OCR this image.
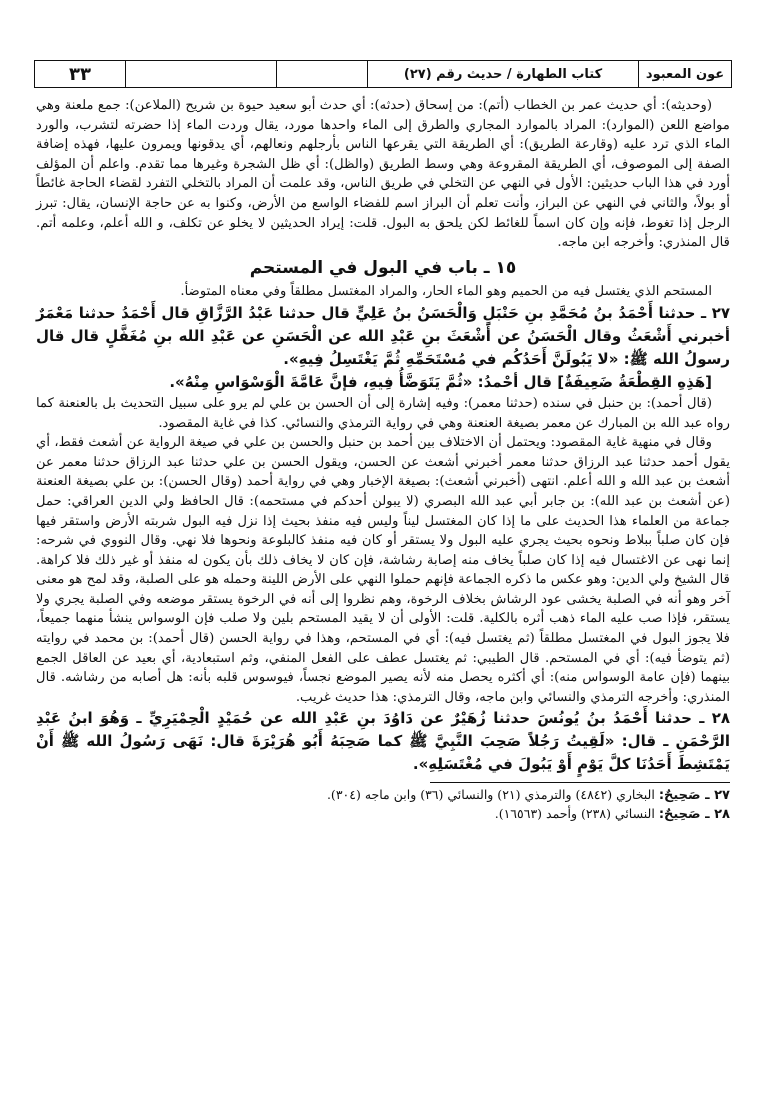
عون المعبود
كتاب الطهارة / حديث رقم (٢٧)
٣٣

(وحديثه): أي حديث عمر بن الخطاب (أتم): من إسحاق (حدثه): أي حدث أبو سعيد حيوة بن شريح (الملاعن): جمع ملعنة وهي مواضع اللعن (الموارد): المراد بالموارد المجاري والطرق إلى الماء واحدها مورد، يقال وردت الماء إذا حضرته لتشرب، والورد الماء الذي ترد عليه (وقارعة الطريق): أي الطريقة التي يقرعها الناس بأرجلهم ونعالهم، أي يدقونها ويمرون عليها، فهذه إضافة الصفة إلى الموصوف، أي الطريقة المقروعة وهي وسط الطريق (والظل): أي ظل الشجرة وغيرها مما تقدم. واعلم أن المؤلف أورد في هذا الباب حديثين: الأول في النهي عن التخلي في طريق الناس، وقد علمت أن المراد بالتخلي التفرد لقضاء الحاجة غائطاً أو بولاً، والثاني في النهي عن البراز، وأنت تعلم أن البراز اسم للفضاء الواسع من الأرض، وكنوا به عن حاجة الإنسان، يقال: تبرز الرجل إذا تغوط، فإنه وإن كان اسماً للغائط لكن يلحق به البول. قلت: إيراد الحديثين لا يخلو عن تكلف، و الله أعلم، وعلمه أتم. قال المنذري: وأخرجه ابن ماجه.

١٥ ـ باب في البول في المستحم

المستحم الذي يغتسل فيه من الحميم وهو الماء الحار، والمراد المغتسل مطلقاً وفي معناه المتوضأ.

٢٧ ـ حدثنا أَحْمَدُ بنُ مُحَمَّدِ بنِ حَنْبَلٍ وَالْحَسَنُ بنُ عَلِيٍّ قال حدثنا عَبْدُ الرَّزَّاقِ قال أَحْمَدُ حدثنا مَعْمَرٌ أخبرني أَشْعَثُ وقال الْحَسَنُ عن أَشْعَثَ بنِ عَبْدِ الله عن الْحَسَنِ عن عَبْدِ الله بنِ مُغَفَّلٍ قال قال رسولُ الله ﷺ: «لا يَبُولَنَّ أَحَدُكُم في مُسْتَحَمِّهِ ثُمَّ يَغْتَسِلُ فِيهِ».

[هَذِهِ القِطْعَةُ ضَعِيفَةٌ] قال أحْمدُ: «ثُمَّ يَتَوَضَّأُ فِيهِ، فإنَّ عَامَّةَ الْوَسْوَاسِ مِنْهُ».

(قال أحمد): بن حنبل في سنده (حدثنا معمر): وفيه إشارة إلى أن الحسن بن علي لم يرو على سبيل التحديث بل بالعنعنة كما رواه عبد الله بن المبارك عن معمر بصيغة العنعنة وهي في رواية الترمذي والنسائي. كذا في غاية المقصود.

وقال في منهية غاية المقصود: ويحتمل أن الاختلاف بين أحمد بن حنبل والحسن بن علي في صيغة الرواية عن أشعث فقط، أي يقول أحمد حدثنا عبد الرزاق حدثنا معمر أخبرني أشعث عن الحسن، ويقول الحسن بن علي حدثنا عبد الرزاق حدثنا معمر عن أشعث بن عبد الله و الله أعلم. انتهى (أخبرني أشعث): بصيغة الإخبار وهي في رواية أحمد (وقال الحسن): بن علي بصيغة العنعنة (عن أشعث بن عبد الله): بن جابر أبي عبد الله البصري (لا يبولن أحدكم في مستحمه): قال الحافظ ولي الدين العراقي: حمل جماعة من العلماء هذا الحديث على ما إذا كان المغتسل ليناً وليس فيه منفذ بحيث إذا نزل فيه البول شربته الأرض واستقر فيها فإن كان صلباً ببلاط ونحوه بحيث يجري عليه البول ولا يستقر أو كان فيه منفذ كالبلوعة ونحوها فلا نهي. وقال النووي في شرحه: إنما نهى عن الاغتسال فيه إذا كان صلباً يخاف منه إصابة رشاشة، فإن كان لا يخاف ذلك بأن يكون له منفذ أو غير ذلك فلا كراهة. قال الشيخ ولي الدين: وهو عكس ما ذكره الجماعة فإنهم حملوا النهي على الأرض اللينة وحمله هو على الصلبة، وقد لمح هو معنى آخر وهو أنه في الصلبة يخشى عود الرشاش بخلاف الرخوة، وهم نظروا إلى أنه في الرخوة يستقر موضعه وفي الصلبة يجري ولا يستقر، فإذا صب عليه الماء ذهب أثره بالكلية. قلت: الأولى أن لا يقيد المستحم بلين ولا صلب فإن الوسواس ينشأ منهما جميعاً، فلا يجوز البول في المغتسل مطلقاً (ثم يغتسل فيه): أي في المستحم، وهذا في رواية الحسن (قال أحمد): بن محمد في روايته (ثم يتوضأ فيه): أي في المستحم. قال الطيبي: ثم يغتسل عطف على الفعل المنفي، وثم استبعادية، أي بعيد عن العاقل الجمع بينهما (فإن عامة الوسواس منه): أي أكثره يحصل منه لأنه يصير الموضع نجساً، فيوسوس قلبه بأنه: هل أصابه من رشاشه. قال المنذري: وأخرجه الترمذي والنسائي وابن ماجه، وقال الترمذي: هذا حديث غريب.

٢٨ ـ حدثنا أَحْمَدُ بنُ يُونُسَ حدثنا زُهَيْرٌ عن دَاوُدَ بنِ عَبْدِ الله عن حُمَيْدٍ الْحِمْيَرِيِّ ـ وَهُوَ ابنُ عَبْدِ الرَّحْمَنِ ـ قال: «لَقِيتُ رَجُلاً صَحِبَ النَّبِيَّ ﷺ كما صَحِبَهُ أَبُو هُرَيْرَةَ قال: نَهَى رَسُولُ الله ﷺ أَنْ يَمْتَشِطَ أَحَدُنَا كلَّ يَوْمٍ أَوْ يَبُولَ في مُغْتَسَلِهِ».

٢٧ ـ صَحِيحٌ: البخاري (٤٨٤٢) والترمذي (٢١) والنسائي (٣٦) وابن ماجه (٣٠٤).

٢٨ ـ صَحِيحٌ: النسائي (٢٣٨) وأحمد (١٦٥٦٣).
